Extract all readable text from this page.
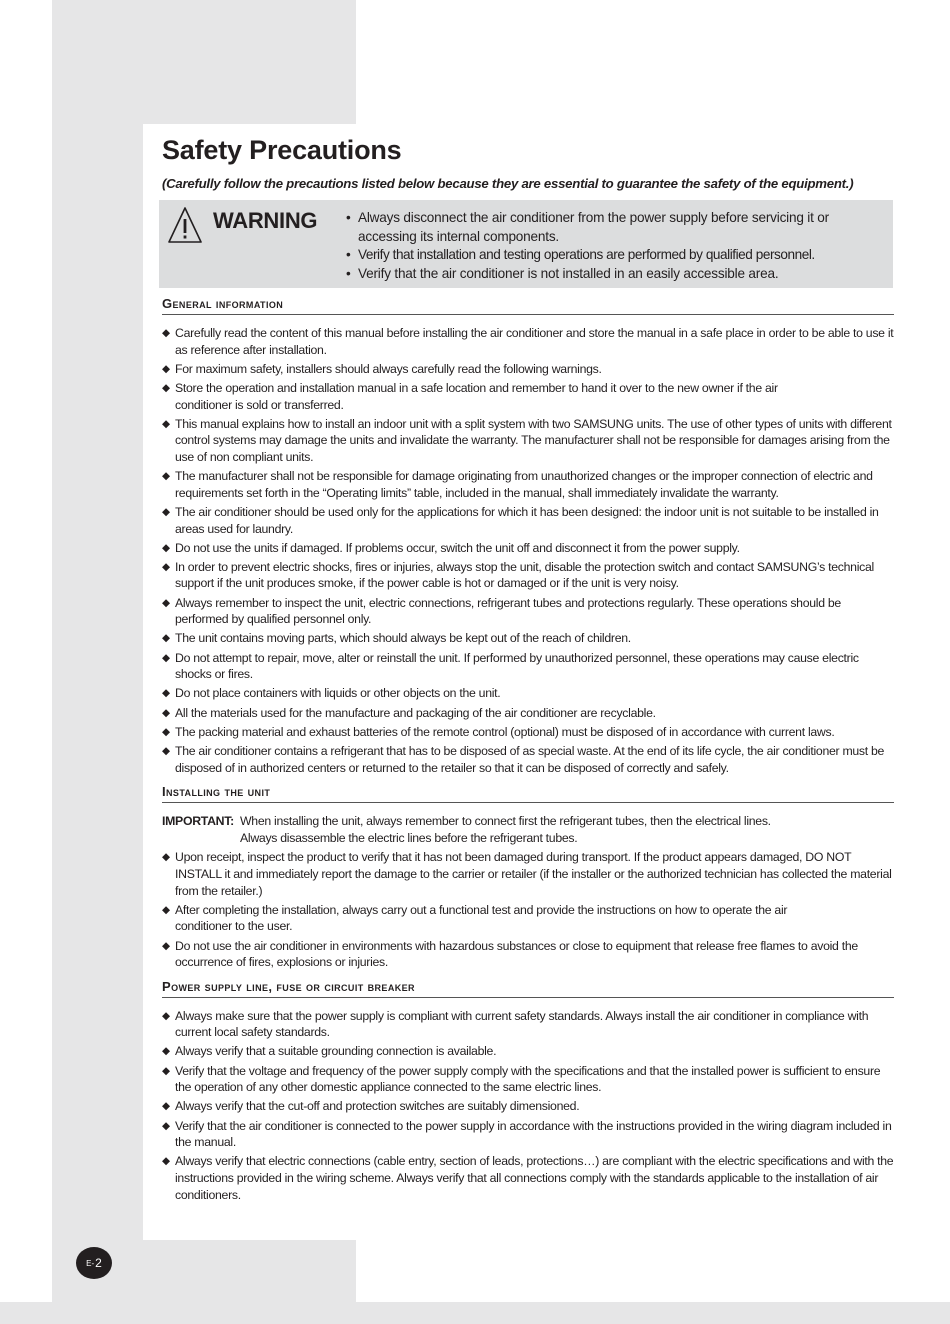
Safety Precautions
(Carefully follow the precautions listed below because they are essential to guarantee the safety of the equipment.)
WARNING
•	Always disconnect the air conditioner from the power supply before servicing it or accessing its internal components.
• Verify that installation and testing operations are performed by qualified personnel.
• Verify that the air conditioner is not installed in an easily accessible area.
General information
◆ Carefully read the content of this manual before installing the air conditioner and store the manual in a safe place in order to be able to use it as reference after installation.
◆ For maximum safety, installers should always carefully read the following warnings.
◆ Store the operation and installation manual in a safe location and remember to hand it over to the new owner if the air conditioner is sold or transferred.
◆ This manual explains how to install an indoor unit with a split system with two SAMSUNG units. The use of other types of units with different control systems may damage the units and invalidate the warranty. The manufacturer shall not be responsible for damages arising from the use of non compliant units.
◆ The manufacturer shall not be responsible for damage originating from unauthorized changes or the improper connection of electric and requirements set forth in the “Operating limits” table, included in the manual, shall immediately invalidate the warranty.
◆ The air conditioner should be used only for the applications for which it has been designed: the indoor unit is not suitable to be installed in areas used for laundry.
◆ Do not use the units if damaged. If problems occur, switch the unit off and disconnect it from the power supply.
◆ In order to prevent electric shocks, fires or injuries, always stop the unit, disable the protection switch and contact SAMSUNG’s technical support if the unit produces smoke, if the power cable is hot or damaged or if the unit is very noisy.
◆ Always remember to inspect the unit, electric connections, refrigerant tubes and protections regularly. These operations should be performed by qualified personnel only.
◆ The unit contains moving parts, which should always be kept out of the reach of children.
◆ Do not attempt to repair, move, alter or reinstall the unit. If performed by unauthorized personnel, these operations may cause electric shocks or fires.
◆ Do not place containers with liquids or other objects on the unit.
◆ All the materials used for the manufacture and packaging of the air conditioner are recyclable.
◆ The packing material and exhaust batteries of the remote control (optional) must be disposed of in accordance with current laws.
◆ The air conditioner contains a refrigerant that has to be disposed of as special waste. At the end of its life cycle, the air conditioner must be disposed of in authorized centers or returned to the retailer so that it can be disposed of correctly and safely.
Installing the unit
IMPORTANT: When installing the unit, always remember to connect first the refrigerant tubes, then the electrical lines.
Always disassemble the electric lines before the refrigerant tubes.
◆ Upon receipt, inspect the product to verify that it has not been damaged during transport. If the product appears damaged, DO NOT INSTALL it and immediately report the damage to the carrier or retailer (if the installer or the authorized technician has collected the material from the retailer.)
◆ After completing the installation, always carry out a functional test and provide the instructions on how to operate the air conditioner to the user.
◆ Do not use the air conditioner in environments with hazardous substances or close to equipment that release free flames to avoid the occurrence of fires, explosions or injuries.
Power supply line, fuse or circuit breaker
◆ Always make sure that the power supply is compliant with current safety standards. Always install the air conditioner in compliance with current local safety standards.
◆ Always verify that a suitable grounding connection is available.
◆ Verify that the voltage and frequency of the power supply comply with the specifications and that the installed power is sufficient to ensure the operation of any other domestic appliance connected to the same electric lines.
◆ Always verify that the cut-off and protection switches are suitably dimensioned.
◆ Verify that the air conditioner is connected to the power supply in accordance with the instructions provided in the wiring diagram included in the manual.
◆ Always verify that electric connections (cable entry, section of leads, protections…) are compliant with the electric specifications and with the instructions provided in the wiring scheme. Always verify that all connections comply with the standards applicable to the installation of air conditioners.
E- 2
